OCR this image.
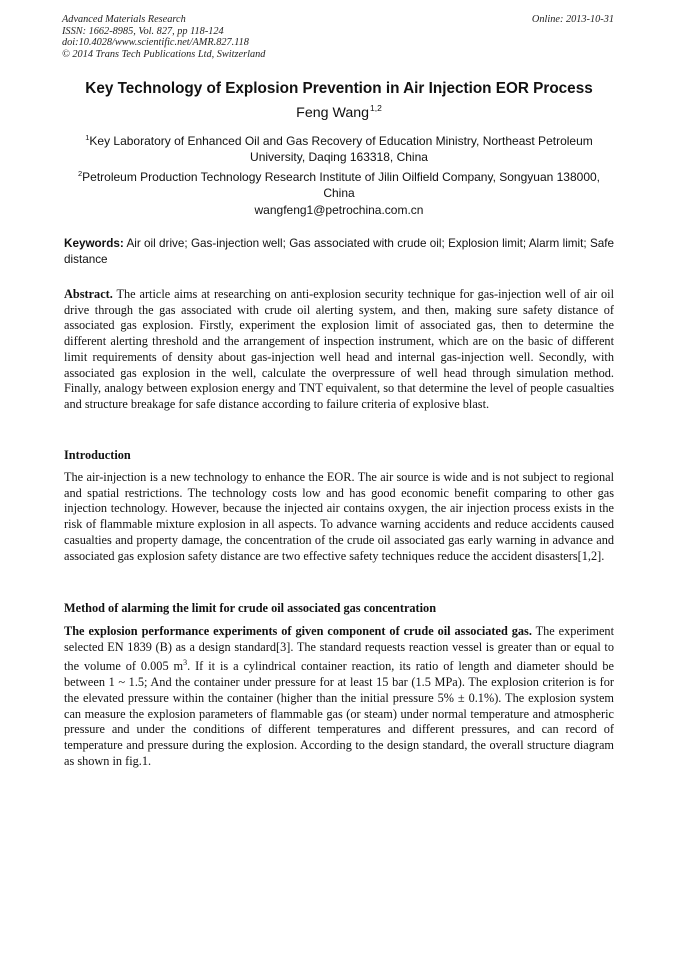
Advanced Materials Research
ISSN: 1662-8985, Vol. 827, pp 118-124
doi:10.4028/www.scientific.net/AMR.827.118
© 2014 Trans Tech Publications Ltd, Switzerland
Online: 2013-10-31
Key Technology of Explosion Prevention in Air Injection EOR Process
Feng Wang$^{1,2}$
$^1$Key Laboratory of Enhanced Oil and Gas Recovery of Education Ministry, Northeast Petroleum University, Daqing 163318, China
$^2$Petroleum Production Technology Research Institute of Jilin Oilfield Company, Songyuan 138000, China
wangfeng1@petrochina.com.cn
Keywords: Air oil drive; Gas-injection well; Gas associated with crude oil; Explosion limit; Alarm limit; Safe distance
Abstract. The article aims at researching on anti-explosion security technique for gas-injection well of air oil drive through the gas associated with crude oil alerting system, and then, making sure safety distance of associated gas explosion. Firstly, experiment the explosion limit of associated gas, then to determine the different alerting threshold and the arrangement of inspection instrument, which are on the basic of different limit requirements of density about gas-injection well head and internal gas-injection well. Secondly, with associated gas explosion in the well, calculate the overpressure of well head through simulation method. Finally, analogy between explosion energy and TNT equivalent, so that determine the level of people casualties and structure breakage for safe distance according to failure criteria of explosive blast.
Introduction
The air-injection is a new technology to enhance the EOR. The air source is wide and is not subject to regional and spatial restrictions. The technology costs low and has good economic benefit comparing to other gas injection technology. However, because the injected air contains oxygen, the air injection process exists in the risk of flammable mixture explosion in all aspects. To advance warning accidents and reduce accidents caused casualties and property damage, the concentration of the crude oil associated gas early warning in advance and associated gas explosion safety distance are two effective safety techniques reduce the accident disasters[1,2].
Method of alarming the limit for crude oil associated gas concentration
The explosion performance experiments of given component of crude oil associated gas. The experiment selected EN 1839 (B) as a design standard[3]. The standard requests reaction vessel is greater than or equal to the volume of 0.005 $m^3$. If it is a cylindrical container reaction, its ratio of length and diameter should be between 1 ~ 1.5; And the container under pressure for at least 15 bar (1.5 MPa). The explosion criterion is for the elevated pressure within the container (higher than the initial pressure 5% ± 0.1%). The explosion system can measure the explosion parameters of flammable gas (or steam) under normal temperature and atmospheric pressure and under the conditions of different temperatures and different pressures, and can record of temperature and pressure during the explosion. According to the design standard, the overall structure diagram as shown in fig.1.
